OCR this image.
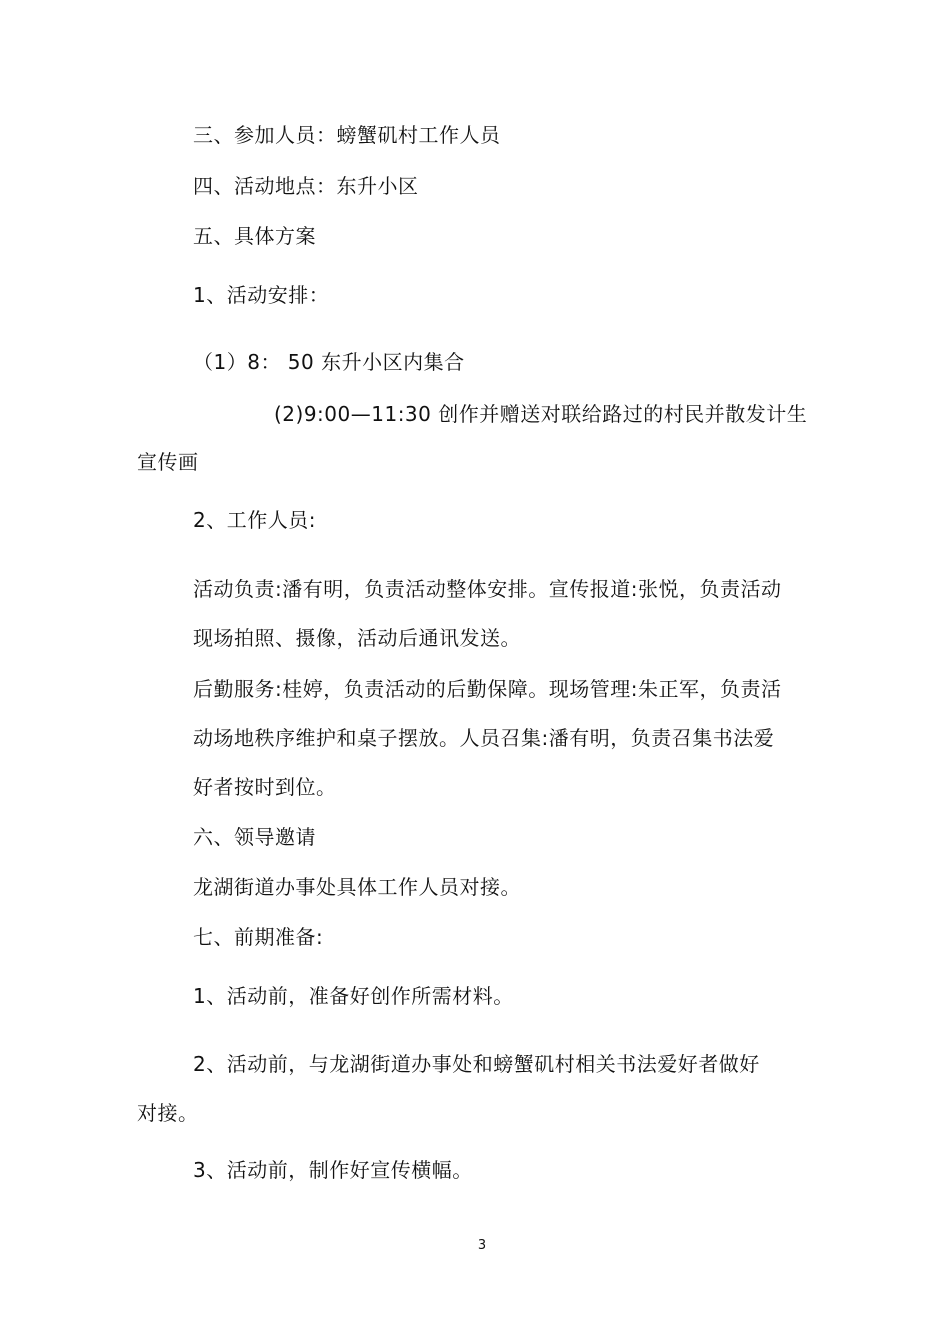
三、参加人员：螃蟹矶村工作人员
四、活动地点：东升小区
五、具体方案
1、活动安排：
（1）8： 50 东升小区内集合
(2)9:00—11:30 创作并赠送对联给路过的村民并散发计生
宣传画
2、工作人员:
活动负责:潘有明，负责活动整体安排。宣传报道:张悦，负责活动
现场拍照、摄像，活动后通讯发送。
后勤服务:桂婷，负责活动的后勤保障。现场管理:朱正军，负责活
动场地秩序维护和桌子摆放。人员召集:潘有明，负责召集书法爱
好者按时到位。
六、领导邀请
龙湖街道办事处具体工作人员对接。
七、前期准备:
1、活动前，准备好创作所需材料。
2、活动前，与龙湖街道办事处和螃蟹矶村相关书法爱好者做好
对接。
3、活动前，制作好宣传横幅。
3
